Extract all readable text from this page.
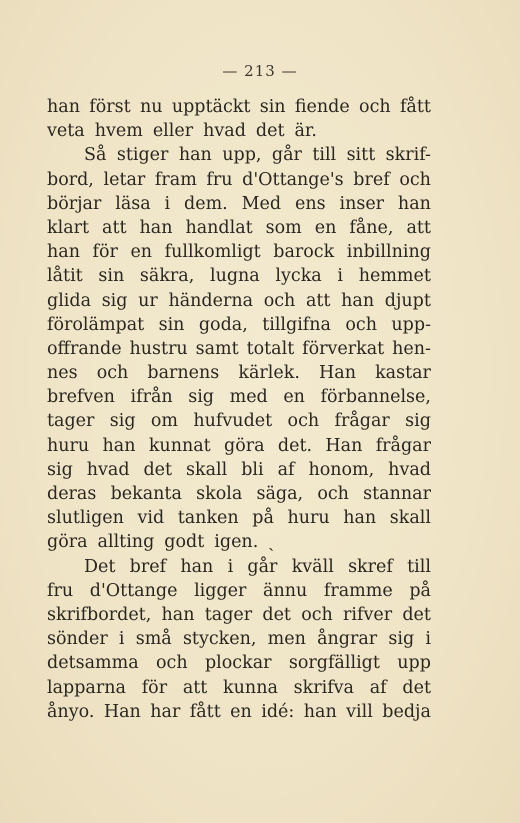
— 213 —
han först nu upptäckt sin fiende och fått
veta hvem eller hvad det är.
Så stiger han upp, går till sitt skrif-
bord, letar fram fru d'Ottange's bref och
börjar läsa i dem. Med ens inser han
klart att han handlat som en fåne, att
han för en fullkomligt barock inbillning
låtit sin säkra, lugna lycka i hemmet
glida sig ur händerna och att han djupt
förolämpat sin goda, tillgifna och upp-
offrande hustru samt totalt förverkat hen-
nes och barnens kärlek. Han kastar
brefven ifrån sig med en förbannelse,
tager sig om hufvudet och frågar sig
huru han kunnat göra det. Han frågar
sig hvad det skall bli af honom, hvad
deras bekanta skola säga, och stannar
slutligen vid tanken på huru han skall
göra allting godt igen. ˎ
Det bref han i går kväll skref till
fru d'Ottange ligger ännu framme på
skrifbordet, han tager det och rifver det
sönder i små stycken, men ångrar sig i
detsamma och plockar sorgfälligt upp
lapparna för att kunna skrifva af det
ånyo. Han har fått en idé: han vill bedja
